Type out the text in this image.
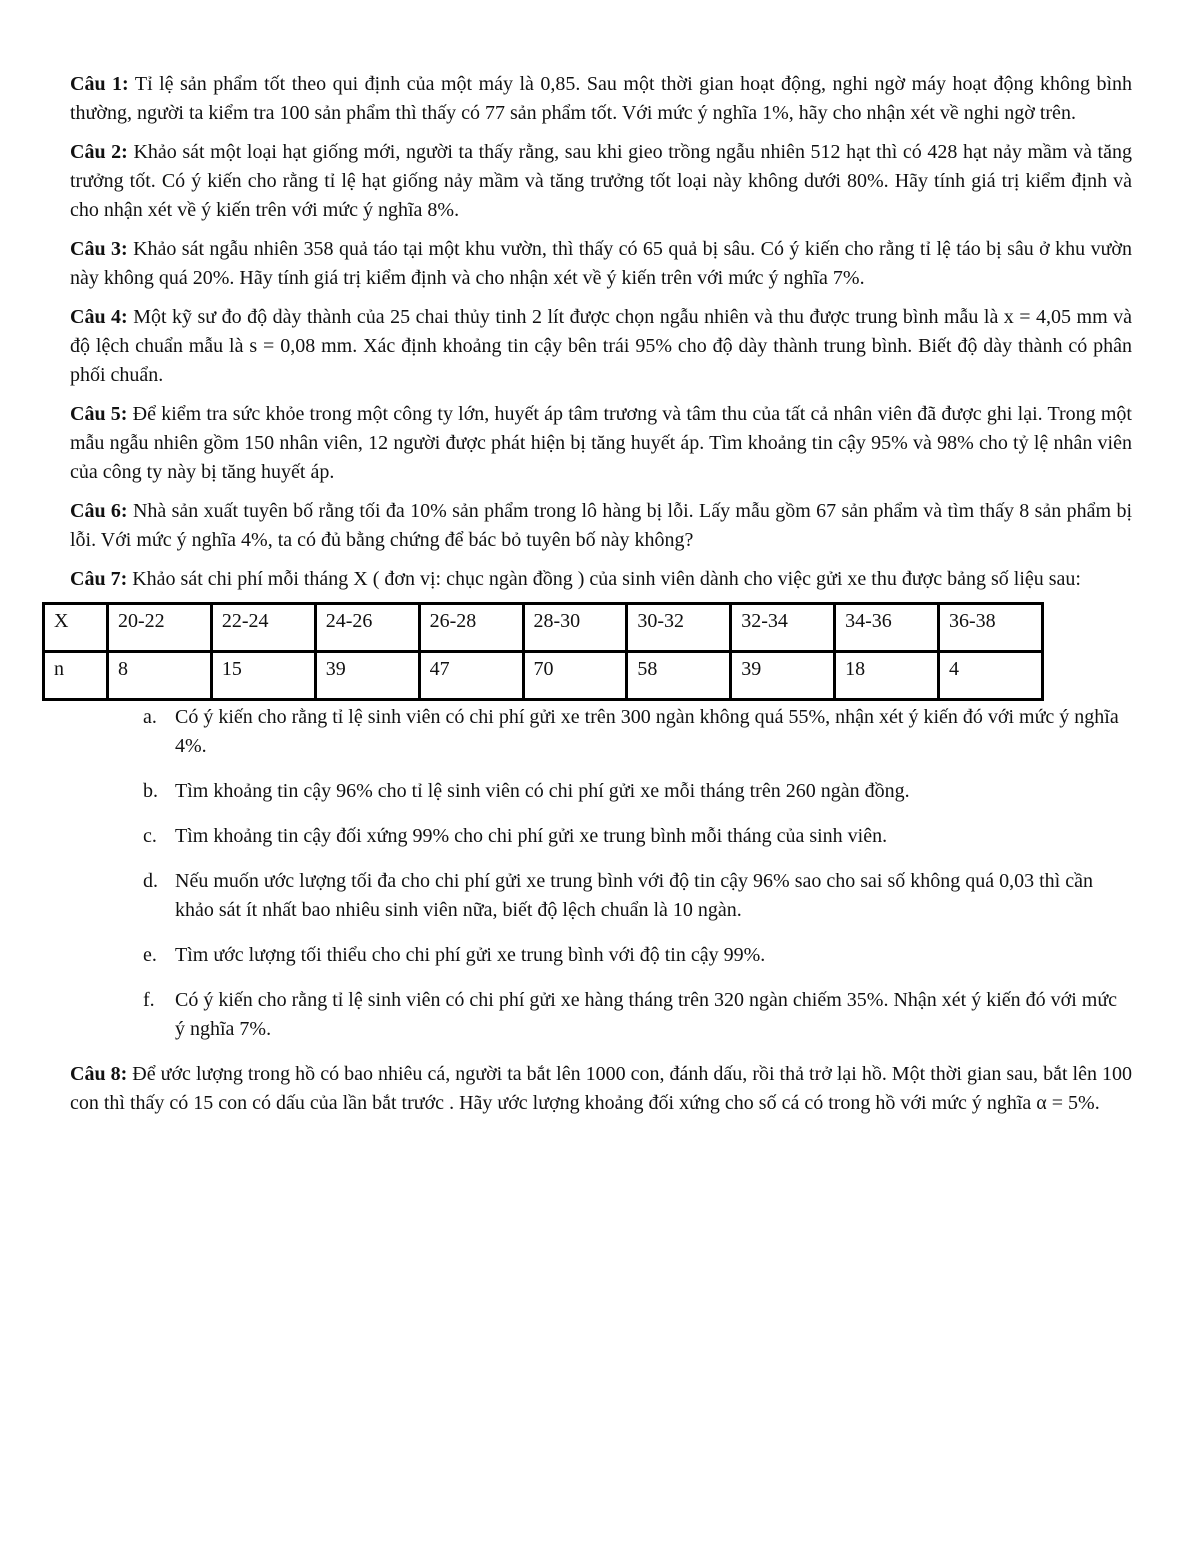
Câu 1: Tỉ lệ sản phẩm tốt theo qui định của một máy là 0,85. Sau một thời gian hoạt động, nghi ngờ máy hoạt động không bình thường, người ta kiểm tra 100 sản phẩm thì thấy có 77 sản phẩm tốt. Với mức ý nghĩa 1%, hãy cho nhận xét về nghi ngờ trên.

Câu 2: Khảo sát một loại hạt giống mới, người ta thấy rằng, sau khi gieo trồng ngẫu nhiên 512 hạt thì có 428 hạt nảy mầm và tăng trưởng tốt. Có ý kiến cho rằng tỉ lệ hạt giống nảy mầm và tăng trưởng tốt loại này không dưới 80%. Hãy tính giá trị kiểm định và cho nhận xét về ý kiến trên với mức ý nghĩa 8%.

Câu 3: Khảo sát ngẫu nhiên 358 quả táo tại một khu vườn, thì thấy có 65 quả bị sâu. Có ý kiến cho rằng tỉ lệ táo bị sâu ở khu vườn này không quá 20%. Hãy tính giá trị kiểm định và cho nhận xét về ý kiến trên với mức ý nghĩa 7%.

Câu 4: Một kỹ sư đo độ dày thành của 25 chai thủy tinh 2 lít được chọn ngẫu nhiên và thu được trung bình mẫu là x = 4,05 mm và độ lệch chuẩn mẫu là s = 0,08 mm. Xác định khoảng tin cậy bên trái 95% cho độ dày thành trung bình. Biết độ dày thành có phân phối chuẩn.

Câu 5: Để kiểm tra sức khỏe trong một công ty lớn, huyết áp tâm trương và tâm thu của tất cả nhân viên đã được ghi lại. Trong một mẫu ngẫu nhiên gồm 150 nhân viên, 12 người được phát hiện bị tăng huyết áp. Tìm khoảng tin cậy 95% và 98% cho tỷ lệ nhân viên của công ty này bị tăng huyết áp.

Câu 6: Nhà sản xuất tuyên bố rằng tối đa 10% sản phẩm trong lô hàng bị lỗi. Lấy mẫu gồm 67 sản phẩm và tìm thấy 8 sản phẩm bị lỗi. Với mức ý nghĩa 4%, ta có đủ bằng chứng để bác bỏ tuyên bố này không?

Câu 7: Khảo sát chi phí mỗi tháng X ( đơn vị: chục ngàn đồng ) của sinh viên dành cho việc gửi xe thu được bảng số liệu sau:

X	20-22	22-24	24-26	26-28	28-30	30-32	32-34	34-36	36-38
n	8	15	39	47	70	58	39	18	4
a. Có ý kiến cho rằng tỉ lệ sinh viên có chi phí gửi xe trên 300 ngàn không quá 55%, nhận xét ý kiến đó với mức ý nghĩa 4%.
b. Tìm khoảng tin cậy 96% cho tỉ lệ sinh viên có chi phí gửi xe mỗi tháng trên 260 ngàn đồng.
c. Tìm khoảng tin cậy đối xứng 99% cho chi phí gửi xe trung bình mỗi tháng của sinh viên.
d. Nếu muốn ước lượng tối đa cho chi phí gửi xe trung bình với độ tin cậy 96% sao cho sai số không quá 0,03 thì cần khảo sát ít nhất bao nhiêu sinh viên nữa, biết độ lệch chuẩn là 10 ngàn.
e. Tìm ước lượng tối thiểu cho chi phí gửi xe trung bình với độ tin cậy 99%.
f. Có ý kiến cho rằng tỉ lệ sinh viên có chi phí gửi xe hàng tháng trên 320 ngàn chiếm 35%. Nhận xét ý kiến đó với mức ý nghĩa 7%.

Câu 8: Để ước lượng trong hồ có bao nhiêu cá, người ta bắt lên 1000 con, đánh dấu, rồi thả trở lại hồ. Một thời gian sau, bắt lên 100 con thì thấy có 15 con có dấu của lần bắt trước . Hãy ước lượng khoảng đối xứng cho số cá có trong hồ với mức ý nghĩa α = 5%.
